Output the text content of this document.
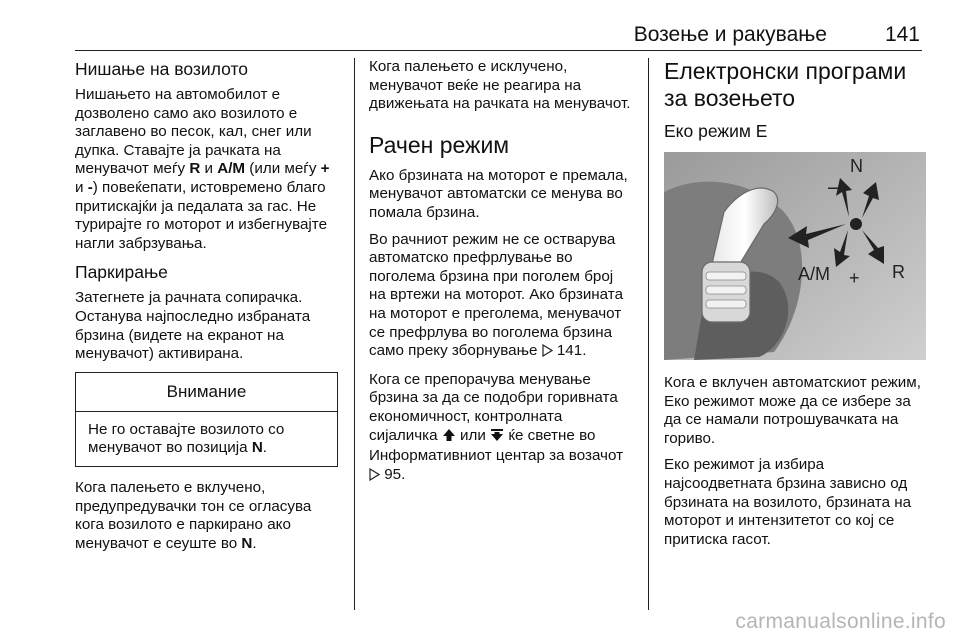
Возење и ракување	141
Нишање на возилото

Нишањето на автомобилот е дозволено само ако возилото е заглавено во песок, кал, снег или дупка. Ставајте ја рачката на менувачот меѓу R и A/M (или меѓу + и -) повеќепати, истовремено благо притискајќи ја педалата за гас. Не турирајте го моторот и избегнувајте нагли забрзувања.

Паркирање

Затегнете ја рачната сопирачка. Останува најпоследно избраната брзина (видете на екранот на менувачот) активирана.

Внимание

Не го оставајте возилото со менувачот во позиција N.

Кога палењето е вклучено, предупредувачки тон се огласува кога возилото е паркирано ако менувачот е сеуште во N.

Кога палењето е исклучено, менувачот веќе не реагира на движењата на рачката на менувачот.

Рачен режим

Ако брзината на моторот е премала, менувачот автоматски се менува во помала брзина.

Во рачниот режим не се остварува автоматско префрлување во поголема брзина при поголем број на вртежи на моторот. Ако брзината на моторот е преголема, менувачот се префрлува во поголема брзина само преку зборнување  141.

Кога се препорачува менување брзина за да се подобри горивната економичност, контролната сијаличка  или  ќе светне во Информативниот центар за возачот  95.

Електронски програми за возењето
Еко режим E
–
N
A/M + R

Кога е вклучен автоматскиот режим, Еко режимот може да се избере за да се намали потрошувачката на гориво.

Еко режимот ја избира најсоодветната брзина зависно од брзината на возилото, брзината на моторот и интензитетот со кој се притиска гасот.

carmanualsonline.info
